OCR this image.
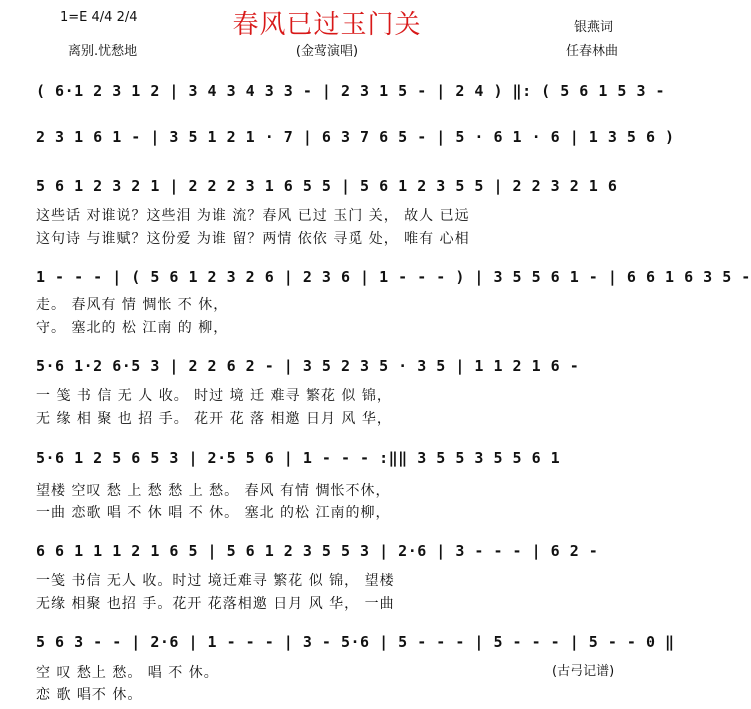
1=E 4/4 2/4	春风已过玉门关	银燕词
离别.忧愁地	(金莺演唱)	任春林曲
( 6·1 2 3 1 2 | 3 4 3 4 3 3 - | 2 3 1 5 - | 2 4 ) ‖: ( 5 6 1 5 3 -
2 3 1 6 1 - | 3 5 1 2 1 · 7 | 6 3 7 6 5 - | 5 · 6 1 · 6 | 1 3 5 6 )
5 6 1 2 3 2 1 | 2 2 2 3 1 6 5 5 | 5 6 1 2 3 5 5 | 2 2 3 2 1 6
这些话 对谁说？这些泪 为谁 流？春风 已过 玉门 关， 故人 已远
这句诗 与谁赋？这份爱 为谁 留？两情 依依 寻觅 处， 唯有 心相
1 - - - | ( 5 6 1 2 3 2 6 | 2 3 6 | 1 - - - ) | 3 5 5 6 1 - | 6 6 1 6 3 5 -
走。 春风有 情 惆怅 不 休，
守。 塞北的 松 江南 的 柳，
5·6 1·2 6·5 3 | 2 2 6 2 - | 3 5 2 3 5 · 3 5 | 1 1 2 1 6 -
一 笺 书 信 无 人 收。 时过 境 迁 难寻 繁花 似 锦，
无 缘 相 聚 也 招 手。 花开 花 落 相邀 日月 风 华，
5·6 1 2 5 6 5 3 | 2·5 5 6 | 1 - - - :‖‖ 3 5 5 3 5 5 6 1
望楼 空叹 愁 上 愁 愁 上 愁。 春风 有情 惆怅不休，
一曲 恋歌 唱 不 休 唱 不 休。 塞北 的松 江南的柳，
6 6 1 1 1 2 1 6 5 | 5 6 1 2 3 5 5 3 | 2·6 | 3 - - - | 6 2 -
一笺 书信 无人 收。时过 境迁难寻 繁花 似 锦， 望楼
无缘 相聚 也招 手。花开 花落相邀 日月 风 华， 一曲
5 6 3 - - | 2·6 | 1 - - - | 3 - 5·6 | 5 - - - | 5 - - - | 5 - - 0 ‖
空 叹 愁上 愁。 唱 不 休。
恋 歌 唱不 休。
(古弓记谱)
